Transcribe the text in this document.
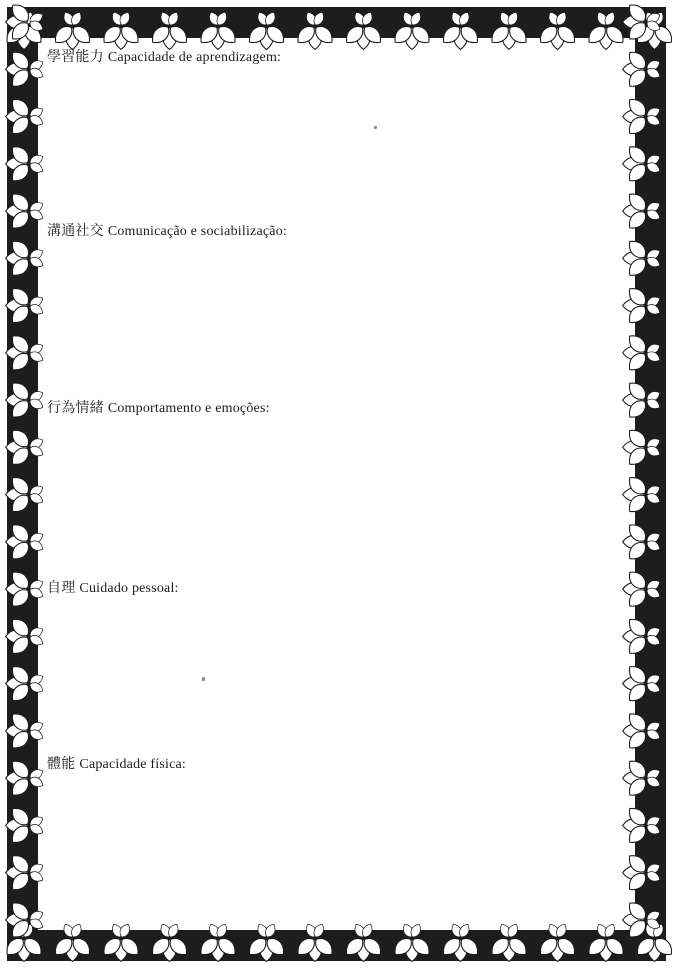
學習能力 Capacidade de aprendizagem:
溝通社交 Comunicação e sociabilização:
行為情緒 Comportamento e emoções:
自理 Cuidado pessoal:
體能 Capacidade física:
